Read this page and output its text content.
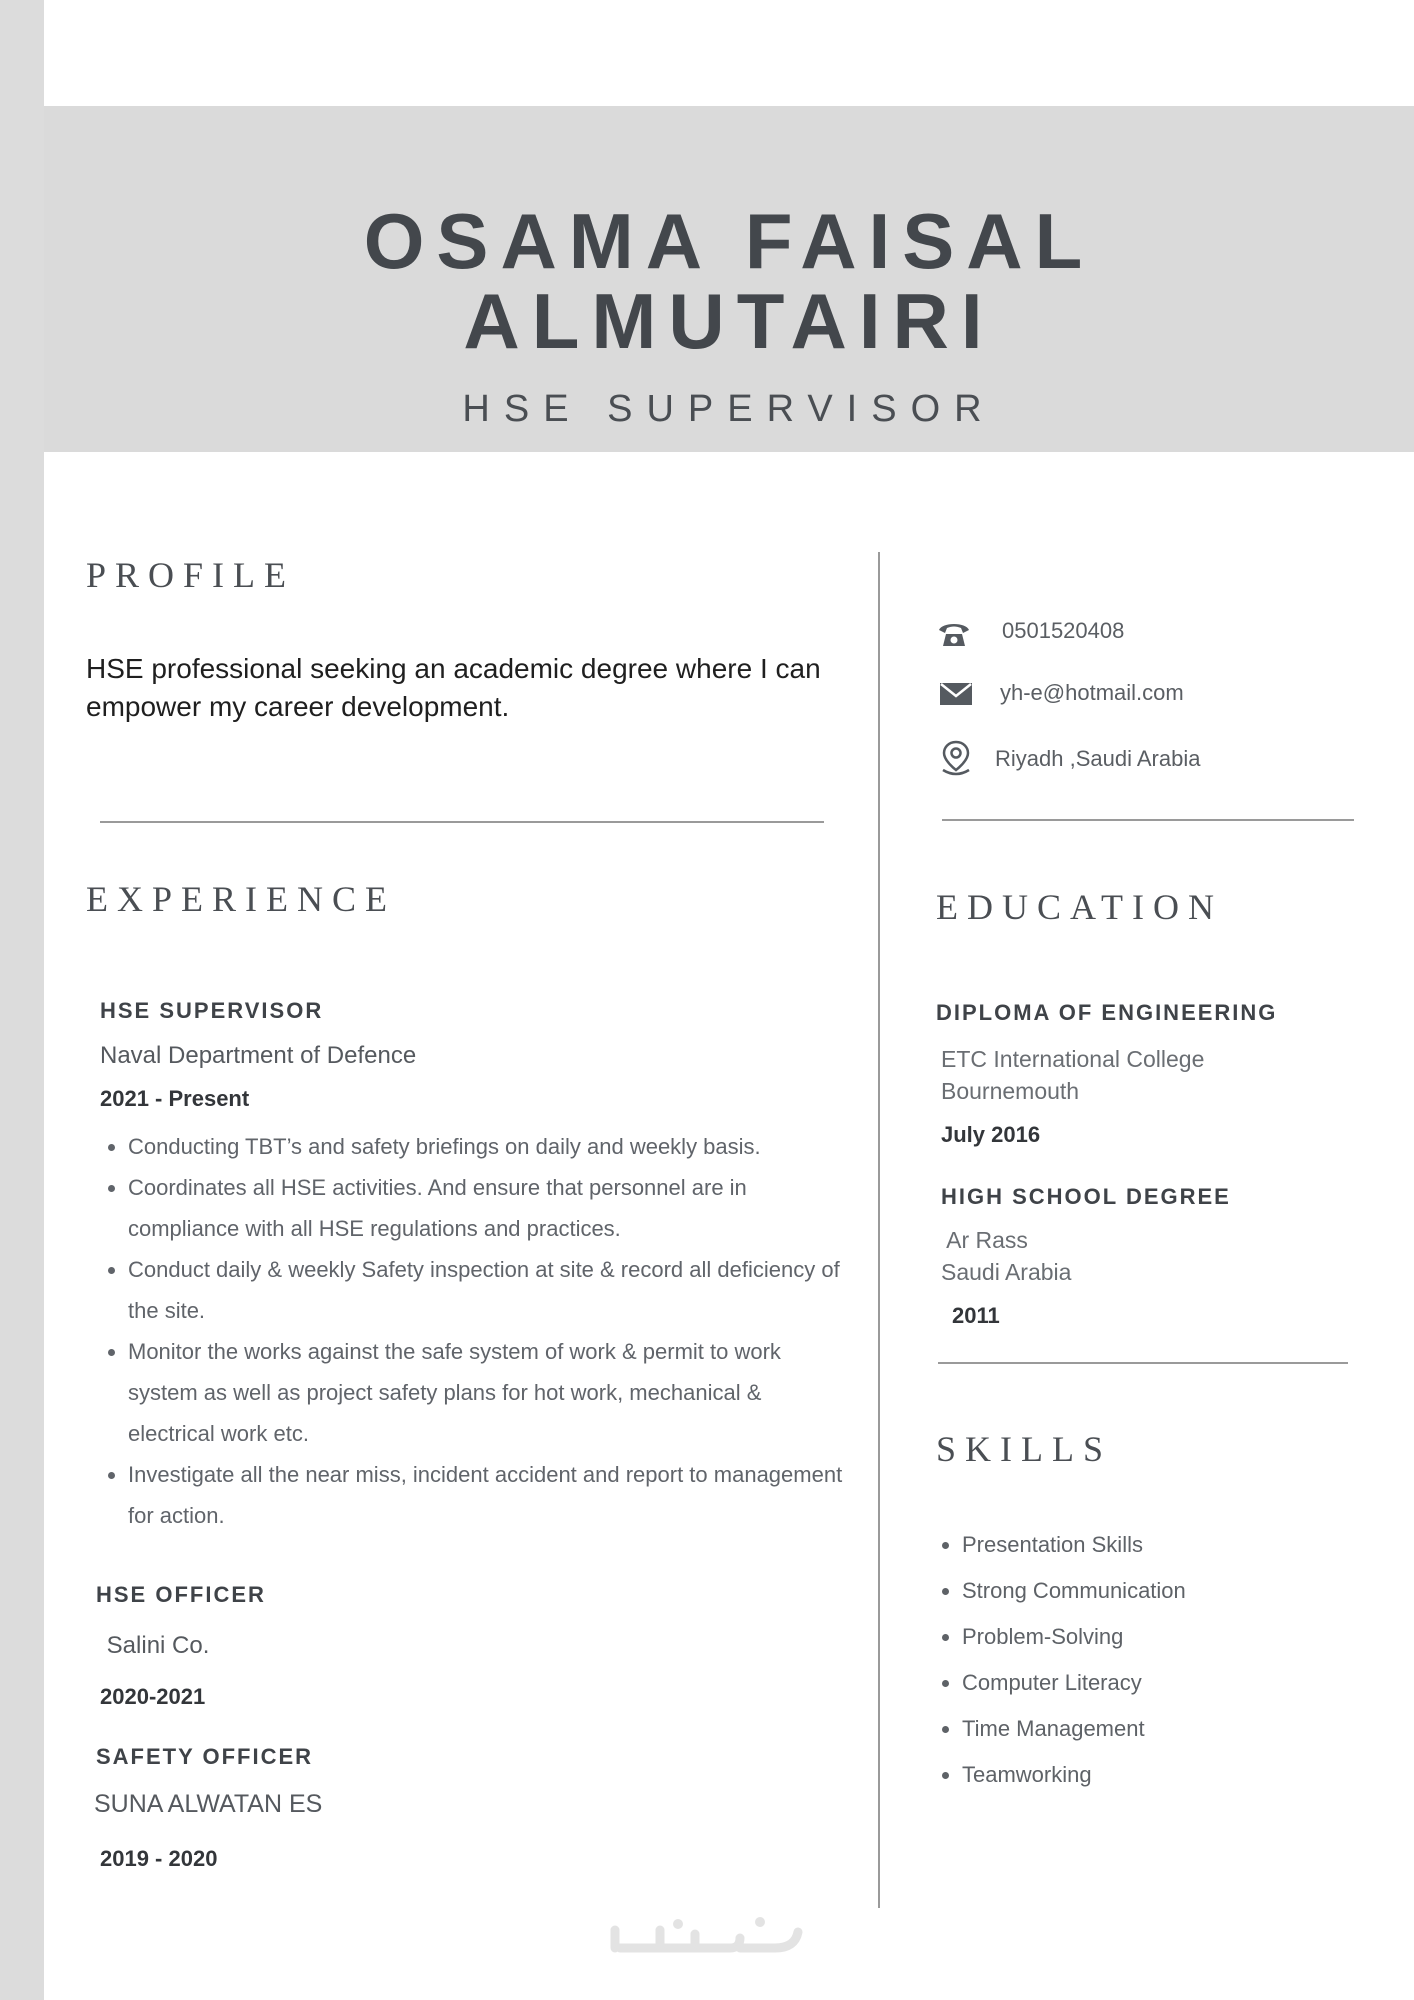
OSAMA FAISAL
ALMUTAIRI
HSE SUPERVISOR
PROFILE
HSE professional seeking an academic degree where I can empower my career development.
0501520408
yh-e@hotmail.com
Riyadh ,Saudi Arabia
EXPERIENCE
HSE SUPERVISOR
Naval Department of Defence
2021 - Present
• Conducting TBT’s and safety briefings on daily and weekly basis.
• Coordinates all HSE activities. And ensure that personnel are in compliance with all HSE regulations and practices.
• Conduct daily & weekly Safety inspection at site & record all deficiency of the site.
• Monitor the works against the safe system of work & permit to work system as well as project safety plans for hot work, mechanical & electrical work etc.
• Investigate all the near miss, incident accident and report to management for action.
HSE OFFICER
Salini Co.
2020-2021
SAFETY OFFICER
SUNA ALWATAN ES
2019 - 2020
EDUCATION
DIPLOMA OF ENGINEERING
ETC International College
Bournemouth
July 2016
HIGH SCHOOL DEGREE
Ar Rass
Saudi Arabia
2011
SKILLS
• Presentation Skills
• Strong Communication
• Problem-Solving
• Computer Literacy
• Time Management
• Teamworking
